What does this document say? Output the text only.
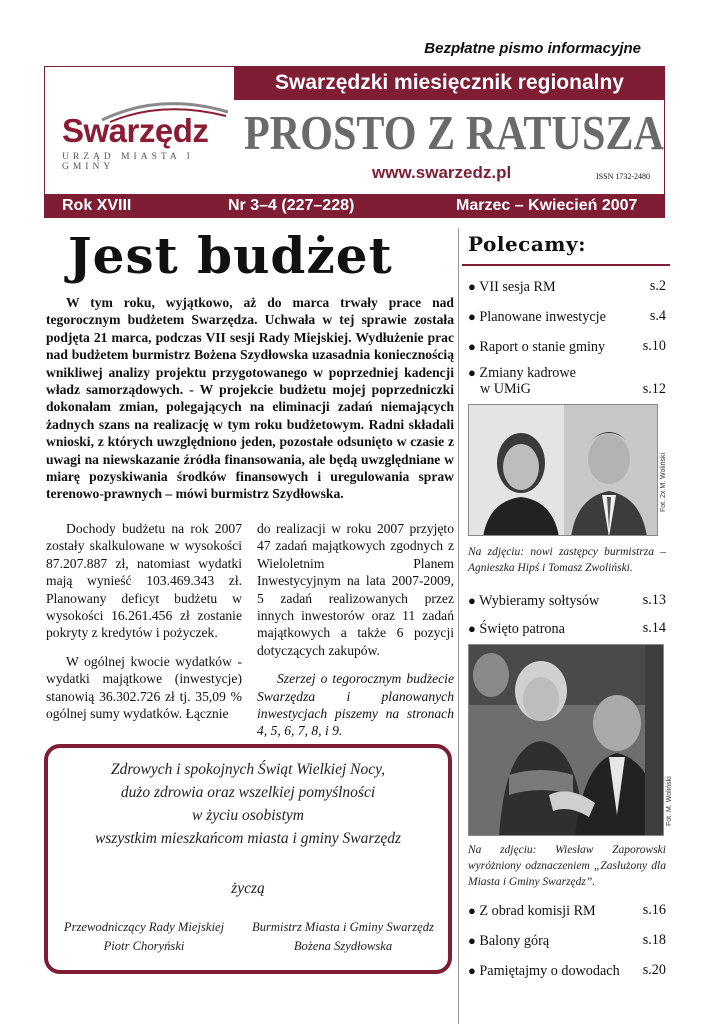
Bezpłatne pismo informacyjne
Swarzędzki miesięcznik regionalny
Swarzędz
URZĄD MIASTA I GMINY
PROSTO Z RATUSZA
www.swarzedz.pl	ISSN 1732-2480
Rok XVIII	Nr 3–4 (227–228)	Marzec – Kwiecień 2007
Jest budżet

W tym roku, wyjątkowo, aż do marca trwały prace nad tegorocznym budżetem Swarzędza. Uchwała w tej sprawie została podjęta 21 marca, podczas VII sesji Rady Miejskiej. Wydłużenie prac nad budżetem burmistrz Bożena Szydłowska uzasadnia koniecznością wnikliwej analizy projektu przygotowanego w poprzedniej kadencji władz samorządowych. - W projekcie budżetu mojej poprzedniczki dokonałam zmian, polegających na eliminacji zadań niemających żadnych szans na realizację w tym roku budżetowym. Radni składali wnioski, z których uwzględniono jeden, pozostałe odsunięto w czasie z uwagi na niewskazanie źródła finansowania, ale będą uwzględniane w miarę pozyskiwania środków finansowych i uregulowania spraw terenowo-prawnych – mówi burmistrz Szydłowska.

Dochody budżetu na rok 2007 zostały skalkulowane w wysokości 87.207.887 zł, natomiast wydatki mają wynieść 103.469.343 zł. Planowany deficyt budżetu w wysokości 16.261.456 zł zostanie pokryty z kredytów i pożyczek.

W ogólnej kwocie wydatków - wydatki majątkowe (inwestycje) stanowią 36.302.726 zł tj. 35,09 % ogólnej sumy wydatków. Łącznie

do realizacji w roku 2007 przyjęto 47 zadań majątkowych zgodnych z Wieloletnim Planem Inwestycyjnym na lata 2007-2009, 5 zadań realizowanych przez innych inwestorów oraz 11 zadań majątkowych a także 6 pozycji dotyczących zakupów.

Szerzej o tegorocznym budżecie Swarzędza i planowanych inwestycjach piszemy na stronach 4, 5, 6, 7, 8, i 9.

Zdrowych i spokojnych Świąt Wielkiej Nocy,
dużo zdrowia oraz wszelkiej pomyślności
w życiu osobistym
wszystkim mieszkańcom miasta i gminy Swarzędz
życzą
Przewodniczący Rady Miejskiej
Piotr Choryński
Burmistrz Miasta i Gminy Swarzędz
Bożena Szydłowska
Polecamy:
● VII sesja RM	s.2
● Planowane inwestycje	s.4
● Raport o stanie gminy	s.10
● Zmiany kadrowe
w UMiG	s.12
Fot. 2x M. Woliński
Na zdjęciu: nowi zastępcy burmistrza – Agnieszka Hipś i Tomasz Zwoliński.
● Wybieramy sołtysów	s.13
● Święto patrona	s.14
Fot. M. Woliński
Na zdjęciu: Wiesław Zaporowski wyróżniony odznaczeniem „Zasłużony dla Miasta i Gminy Swarzędz”.
● Z obrad komisji RM	s.16
● Balony górą	s.18
● Pamiętajmy o dowodach s.20
